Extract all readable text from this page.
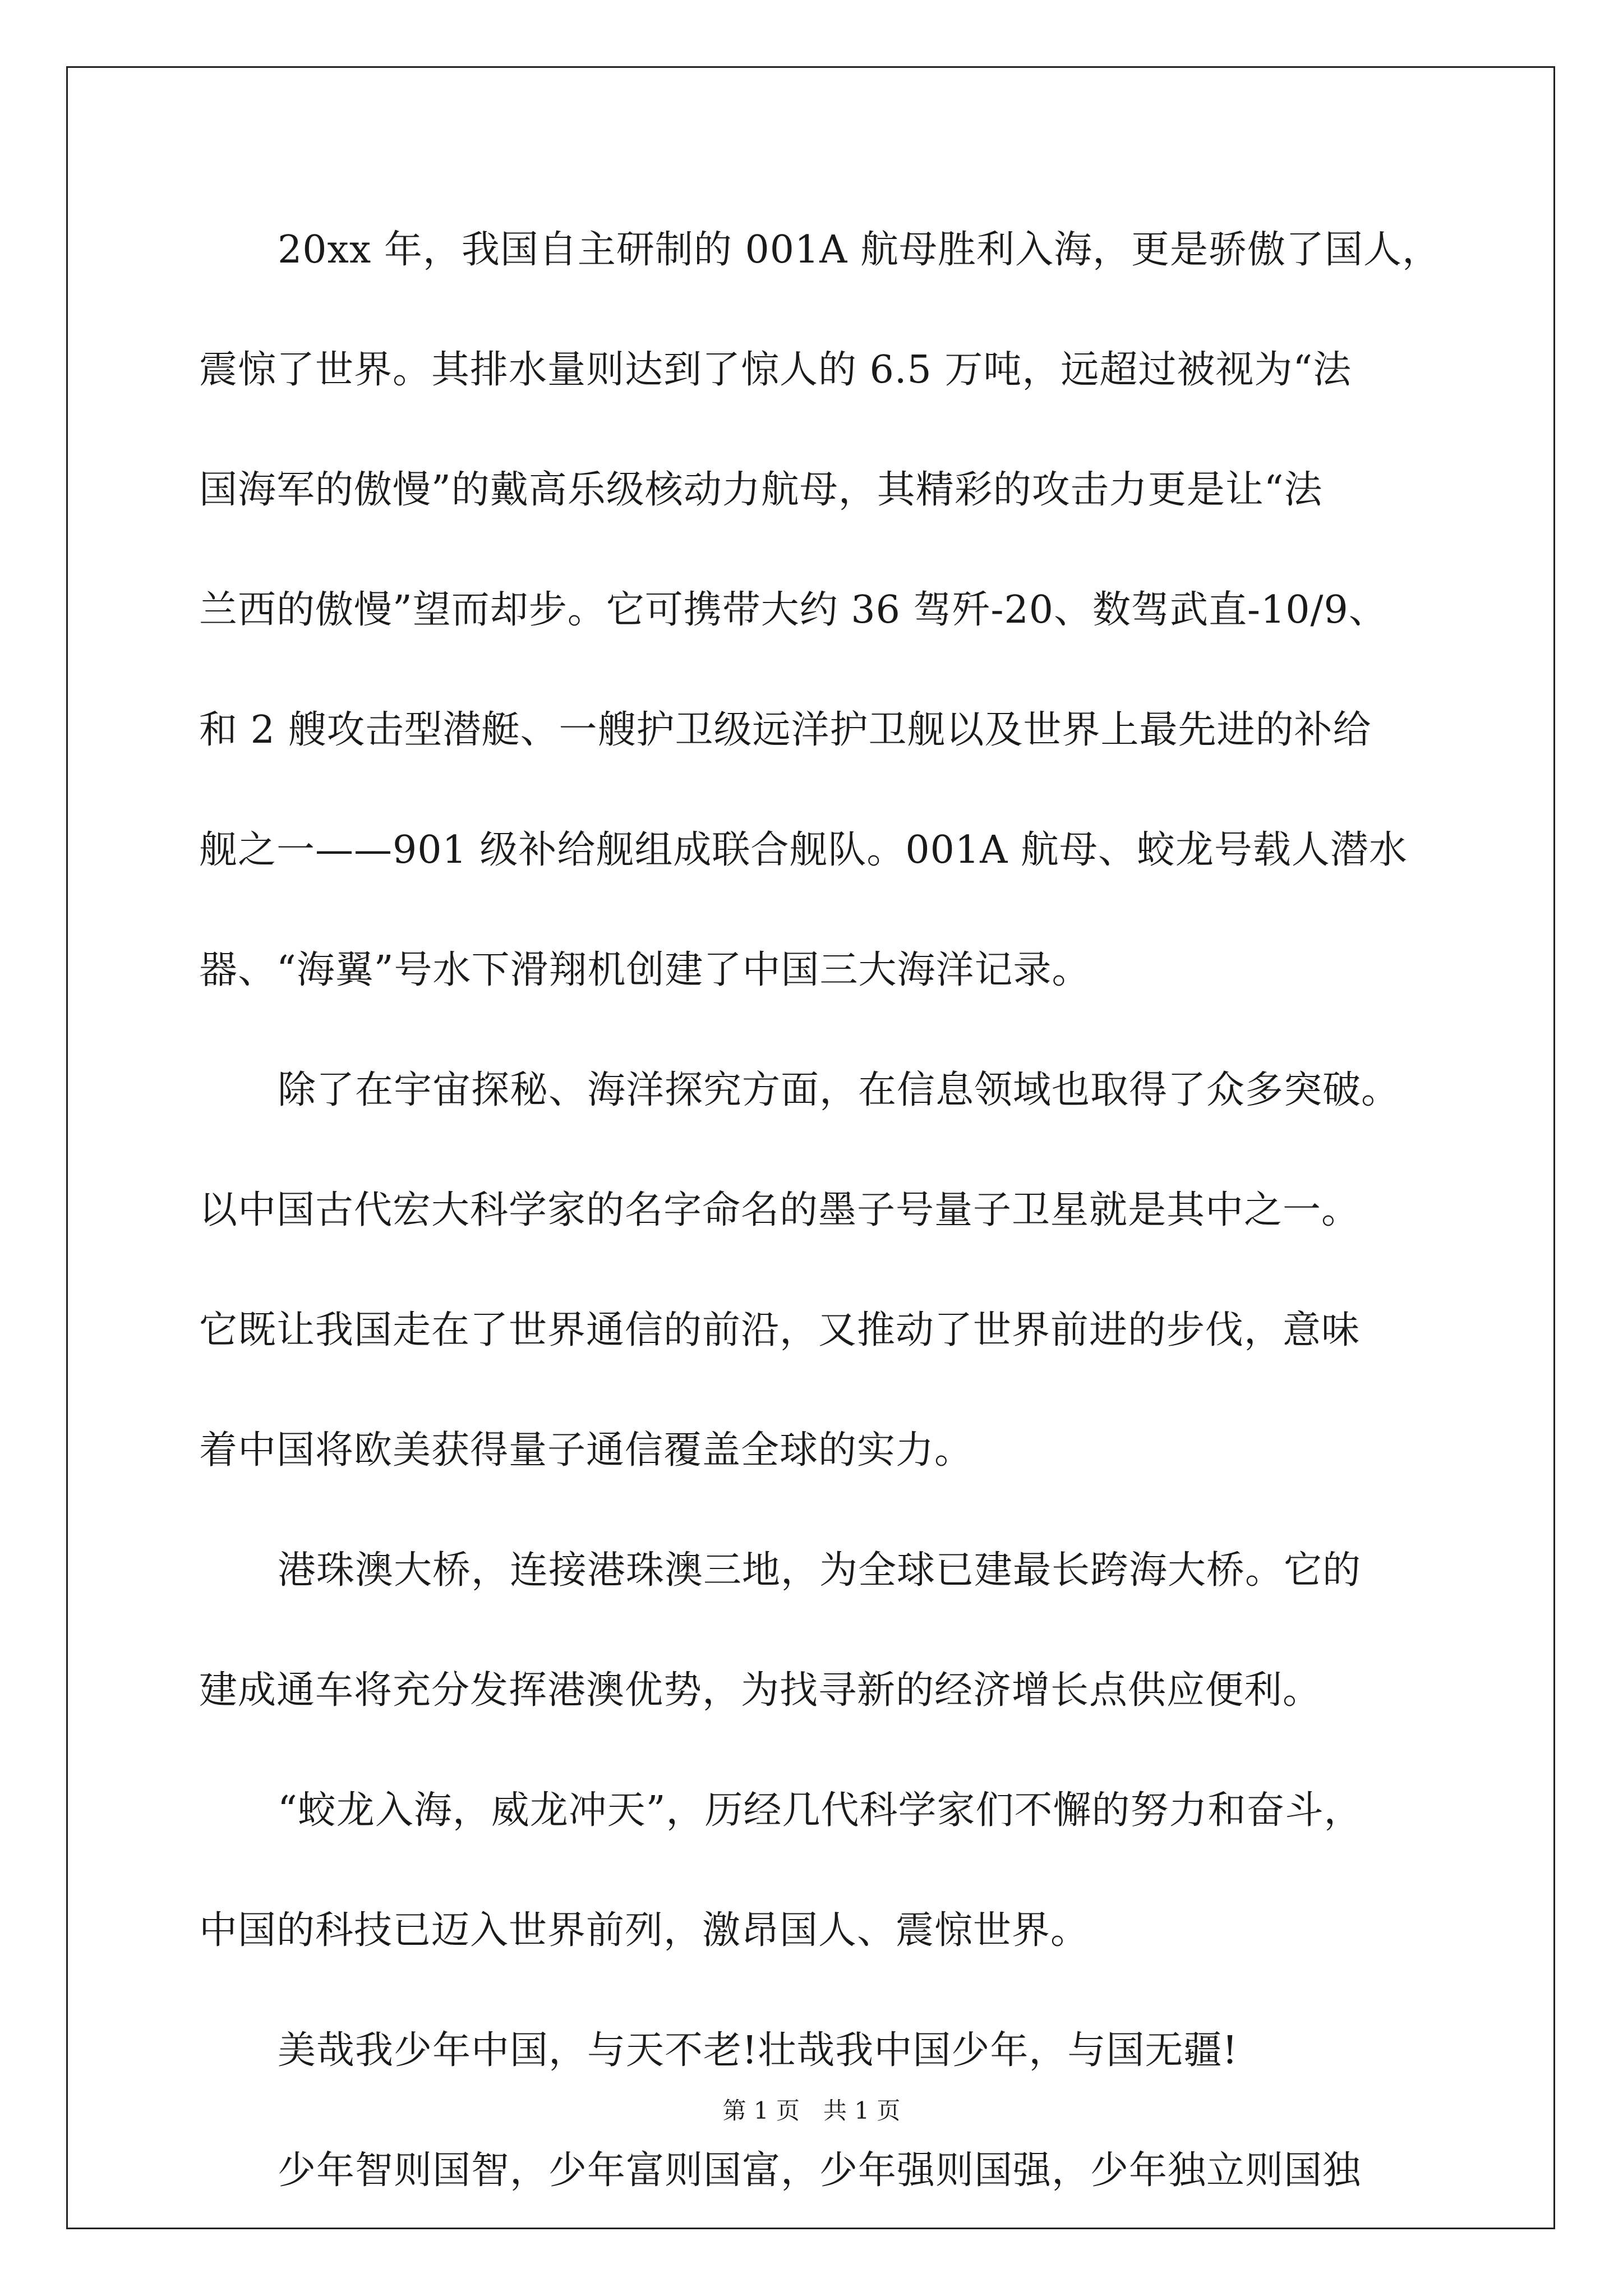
20xx 年，我国自主研制的 001A 航母胜利入海，更是骄傲了国人，
震惊了世界。其排水量则达到了惊人的 6.5 万吨，远超过被视为“法
国海军的傲慢”的戴高乐级核动力航母，其精彩的攻击力更是让“法
兰西的傲慢”望而却步。它可携带大约 36 驾歼-20、数驾武直-10/9、
和 2 艘攻击型潜艇、一艘护卫级远洋护卫舰以及世界上最先进的补给
舰之一——901 级补给舰组成联合舰队。001A 航母、蛟龙号载人潜水
器、“海翼”号水下滑翔机创建了中国三大海洋记录。
除了在宇宙探秘、海洋探究方面，在信息领域也取得了众多突破。
以中国古代宏大科学家的名字命名的墨子号量子卫星就是其中之一。
它既让我国走在了世界通信的前沿，又推动了世界前进的步伐，意味
着中国将欧美获得量子通信覆盖全球的实力。
港珠澳大桥，连接港珠澳三地，为全球已建最长跨海大桥。它的
建成通车将充分发挥港澳优势，为找寻新的经济增长点供应便利。
“蛟龙入海，威龙冲天”，历经几代科学家们不懈的努力和奋斗，
中国的科技已迈入世界前列，激昂国人、震惊世界。
美哉我少年中国，与天不老!壮哉我中国少年，与国无疆!
少年智则国智，少年富则国富，少年强则国强，少年独立则国独
第 1 页　共 1 页
